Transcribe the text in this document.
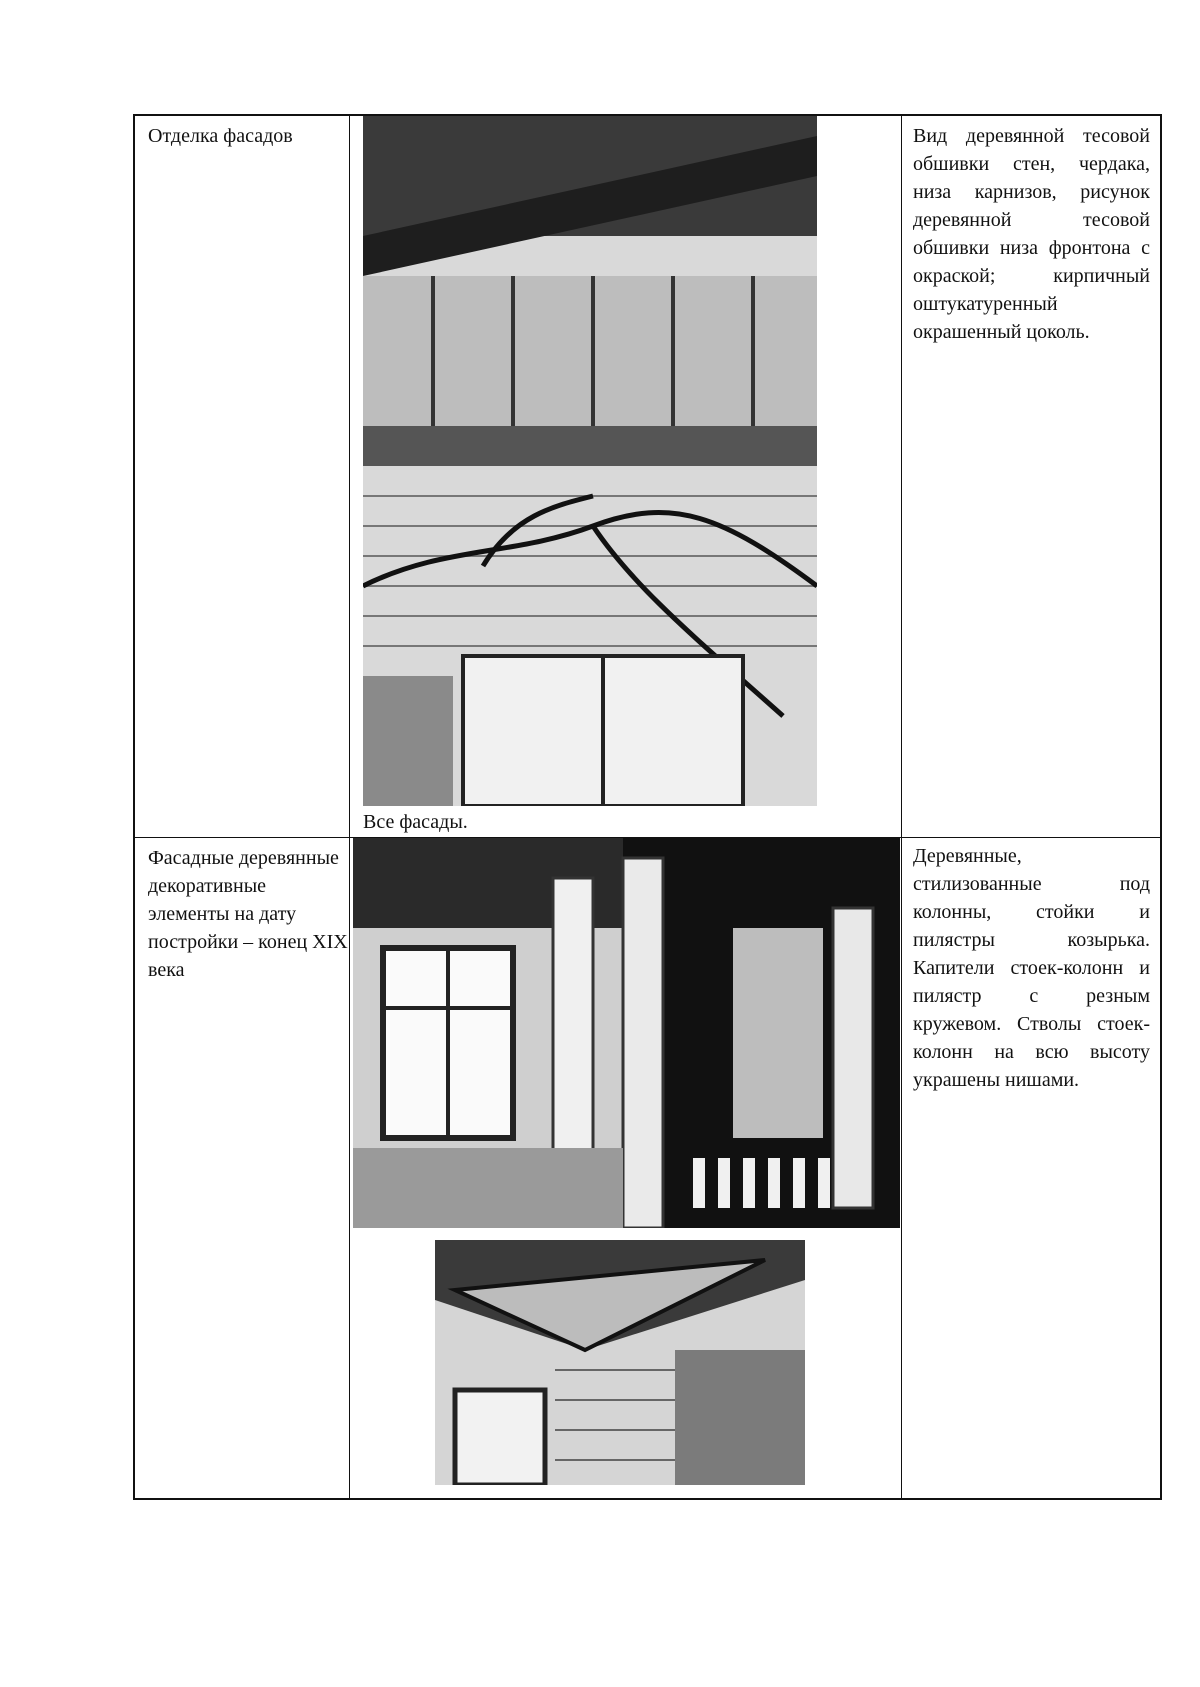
Отделка фасадов
Все фасады.
Вид деревянной тесовой обшивки стен, чердака, низа карнизов, рисунок деревянной тесовой обшивки низа фронтона с окраской; кирпичный оштукатуренный окрашенный цоколь.
Фасадные деревянные декоративные элементы на дату постройки – конец XIX века
Деревянные, стилизованные под колонны, стойки и пилястры козырька. Капители стоек-колонн и пилястр с резным кружевом. Стволы стоек-колонн на всю высоту украшены нишами.
